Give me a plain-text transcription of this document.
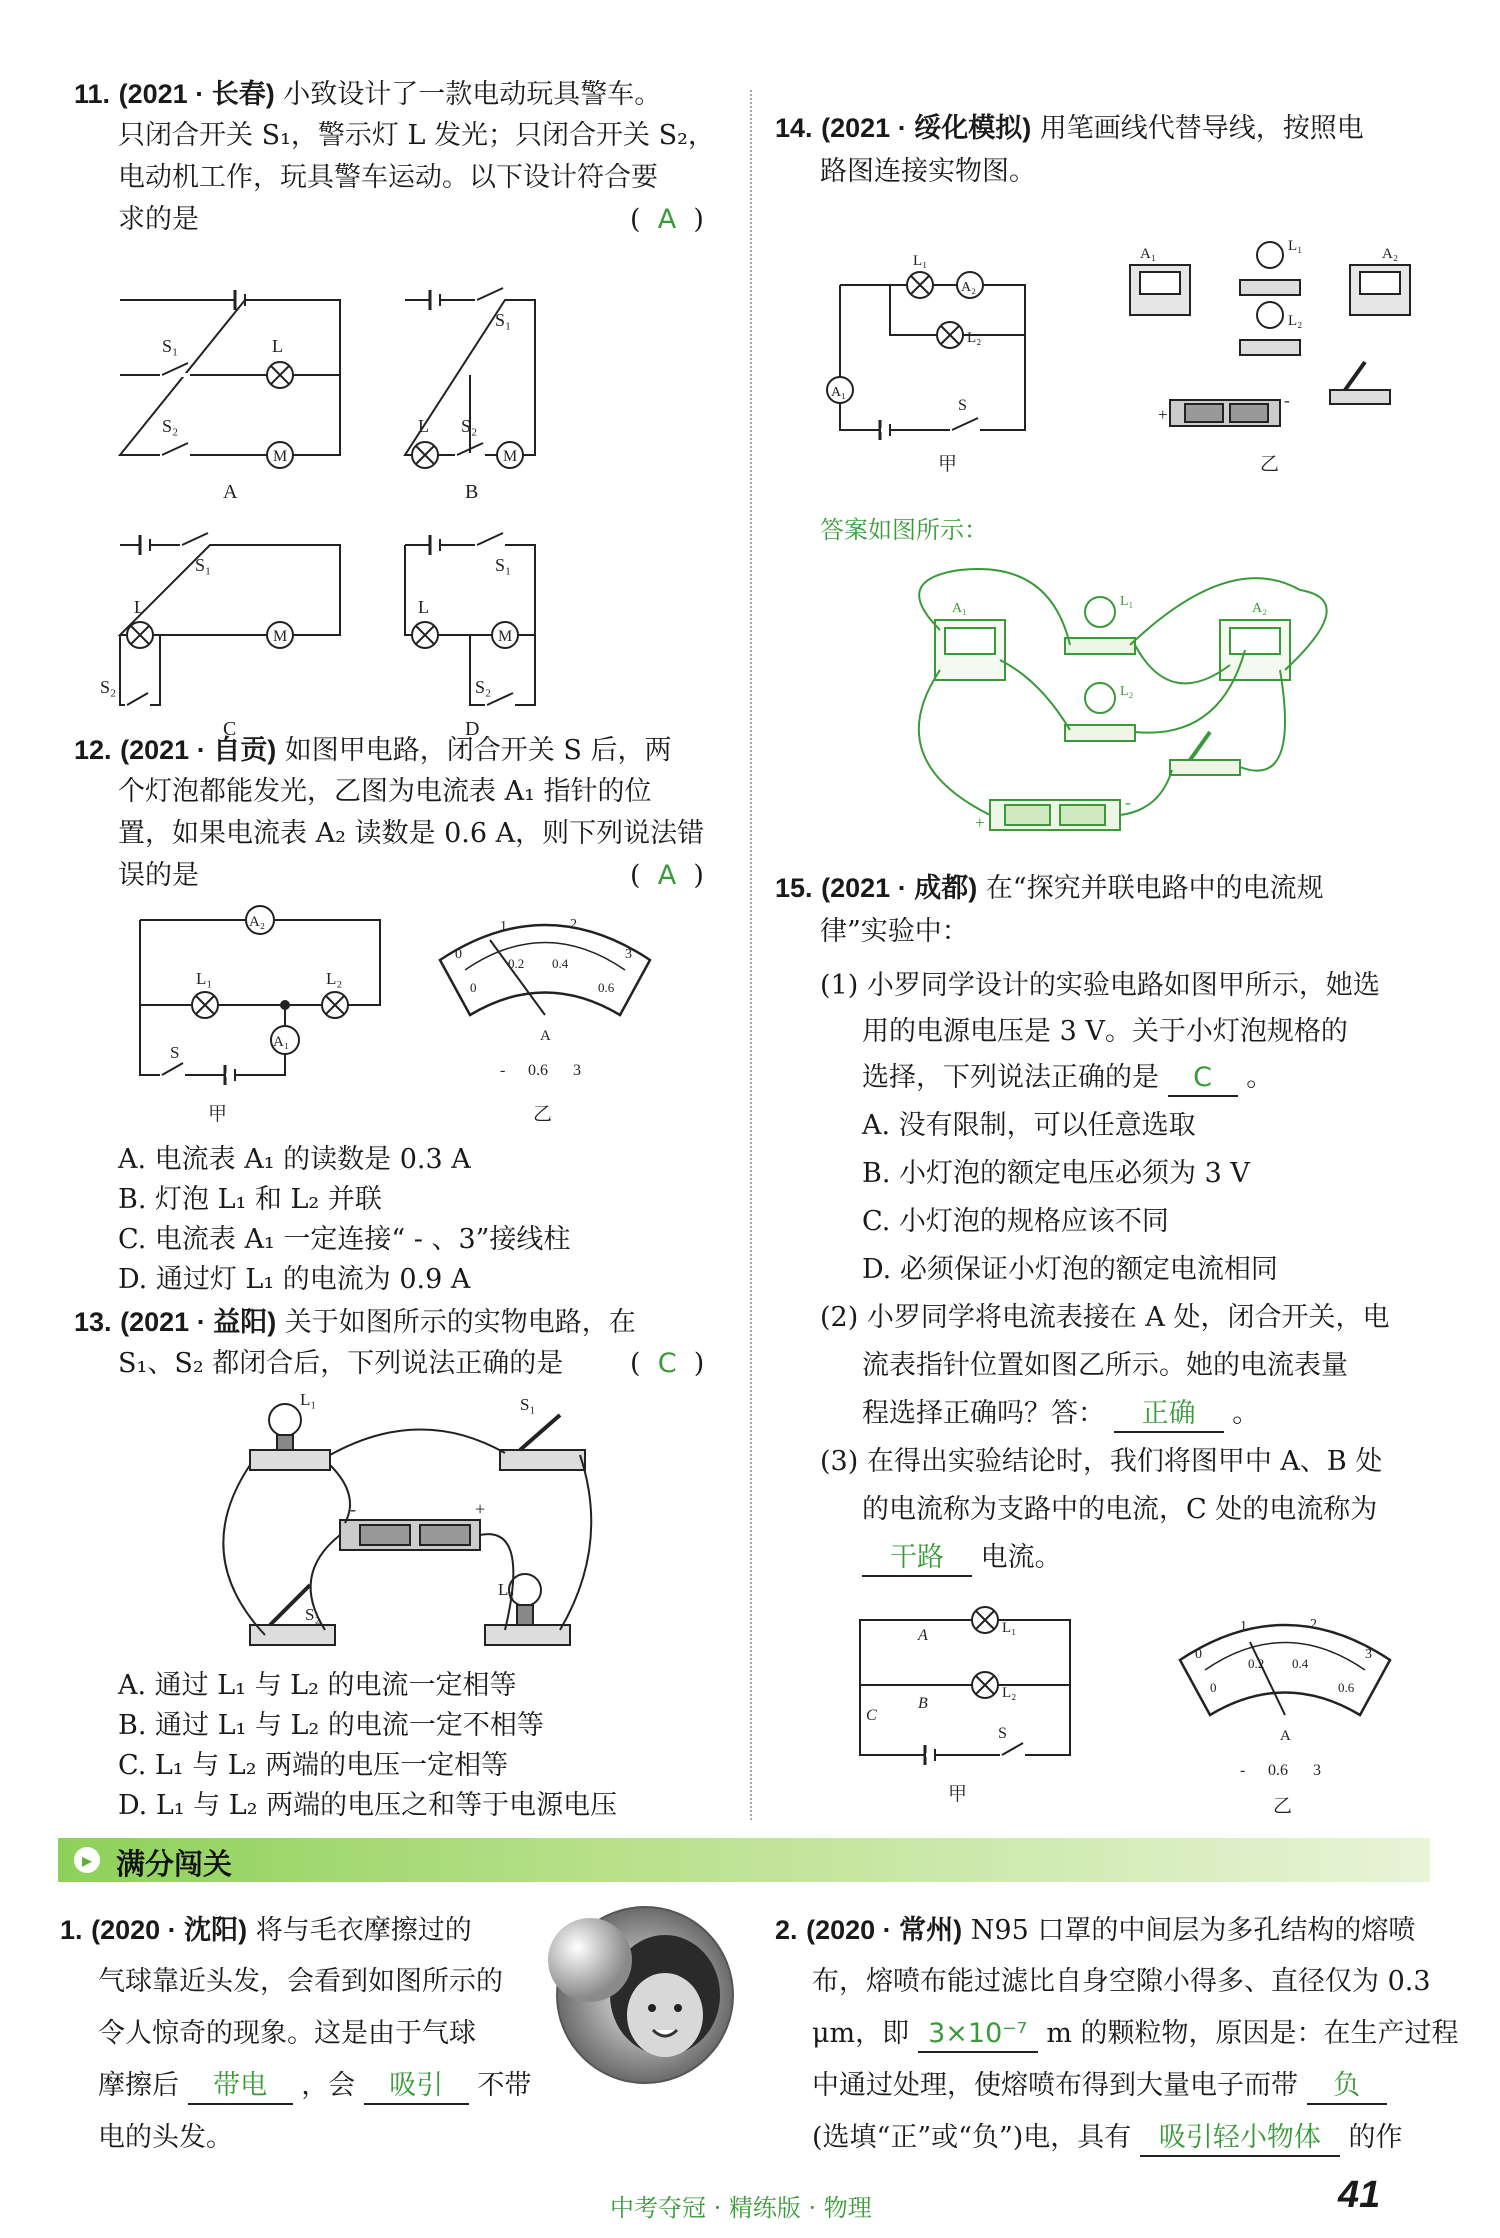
11. (2021 · 长春) 小致设计了一款电动玩具警车。
只闭合开关 S₁，警示灯 L 发光；只闭合开关 S₂，
电动机工作，玩具警车运动。以下设计符合要
求的是	(  A  )
S₁	L
S₂
M
A
S₁
L S₂
M
B
S₁
L
S₂
M
C
S₁
L
S₂
M
D
12. (2021 · 自贡) 如图甲电路，闭合开关 S 后，两
个灯泡都能发光，乙图为电流表 A₁ 指针的位
置，如果电流表 A₂ 读数是 0.6 A，则下列说法错
误的是	(  A  )
A₂
A₁
L₁	L₂
S
甲
0
1	2
3
0
0.2 0.4
0.6
A
- 0.6 3
乙
A. 电流表 A₁ 的读数是 0.3 A
B. 灯泡 L₁ 和 L₂ 并联
C. 电流表 A₁ 一定连接“ - 、3”接线柱
D. 通过灯 L₁ 的电流为 0.9 A
13. (2021 · 益阳) 关于如图所示的实物电路，在
S₁、S₂ 都闭合后，下列说法正确的是 (  C  )
L₁	S₁
-	+
L₂
S₂
A. 通过 L₁ 与 L₂ 的电流一定相等
B. 通过 L₁ 与 L₂ 的电流一定不相等
C. L₁ 与 L₂ 两端的电压一定相等
D. L₁ 与 L₂ 两端的电压之和等于电源电压
14. (2021 · 绥化模拟) 用笔画线代替导线，按照电
路图连接实物图。
L₁
A₂
L₂
A₁
S
甲
A₁	L₁	A₂
L₂
+
-
乙
答案如图所示：
A₁	L₁	A₂
L₂
+
-
15. (2021 · 成都) 在“探究并联电路中的电流规
律”实验中：
(1) 小罗同学设计的实验电路如图甲所示，她选
用的电源电压是 3 V。关于小灯泡规格的
选择，下列说法正确的是 C 。
A. 没有限制，可以任意选取
B. 小灯泡的额定电压必须为 3 V
C. 小灯泡的规格应该不同
D. 必须保证小灯泡的额定电流相同
(2) 小罗同学将电流表接在 A 处，闭合开关，电
流表指针位置如图乙所示。她的电流表量
程选择正确吗？答： 正确 。
(3) 在得出实验结论时，我们将图甲中 A、B 处
的电流称为支路中的电流，C 处的电流称为
干路 电流。
A
B
C
L₁
L₂
S
甲
0
1	2
3
0
0.2 0.4
0.6
A
- 0.6 3
乙
▸ 满分闯关
1. (2020 · 沈阳) 将与毛衣摩擦过的
气球靠近头发，会看到如图所示的
令人惊奇的现象。这是由于气球
摩擦后 带电 ，会 吸引 不带
电的头发。
2. (2020 · 常州) N95 口罩的中间层为多孔结构的熔喷
布，熔喷布能过滤比自身空隙小得多、直径仅为 0.3
μm，即 3×10⁻⁷ m 的颗粒物，原因是：在生产过程
中通过处理，使熔喷布得到大量电子而带 负
(选填“正”或“负”)电，具有 吸引轻小物体 的作
中考夺冠 · 精练版 · 物理	41
